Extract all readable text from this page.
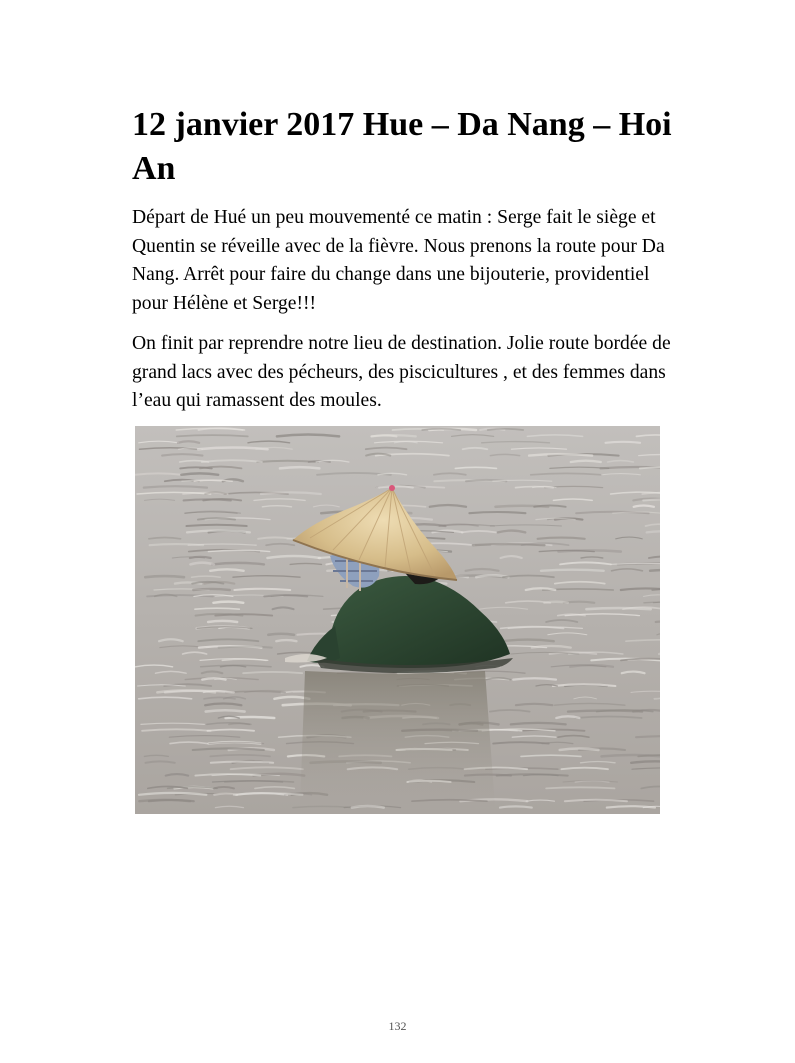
12 janvier 2017 Hue – Da Nang – Hoi An

Départ de Hué un peu mouvementé ce matin : Serge fait le siège et Quentin se réveille avec de la fièvre. Nous prenons la route pour Da Nang. Arrêt pour faire du change dans une bijouterie, providentiel pour Hélène et Serge!!!

On finit par reprendre notre lieu de destination. Jolie route bordée de grand lacs avec des pécheurs, des piscicultures , et des femmes dans l’eau qui ramassent des moules.

132
